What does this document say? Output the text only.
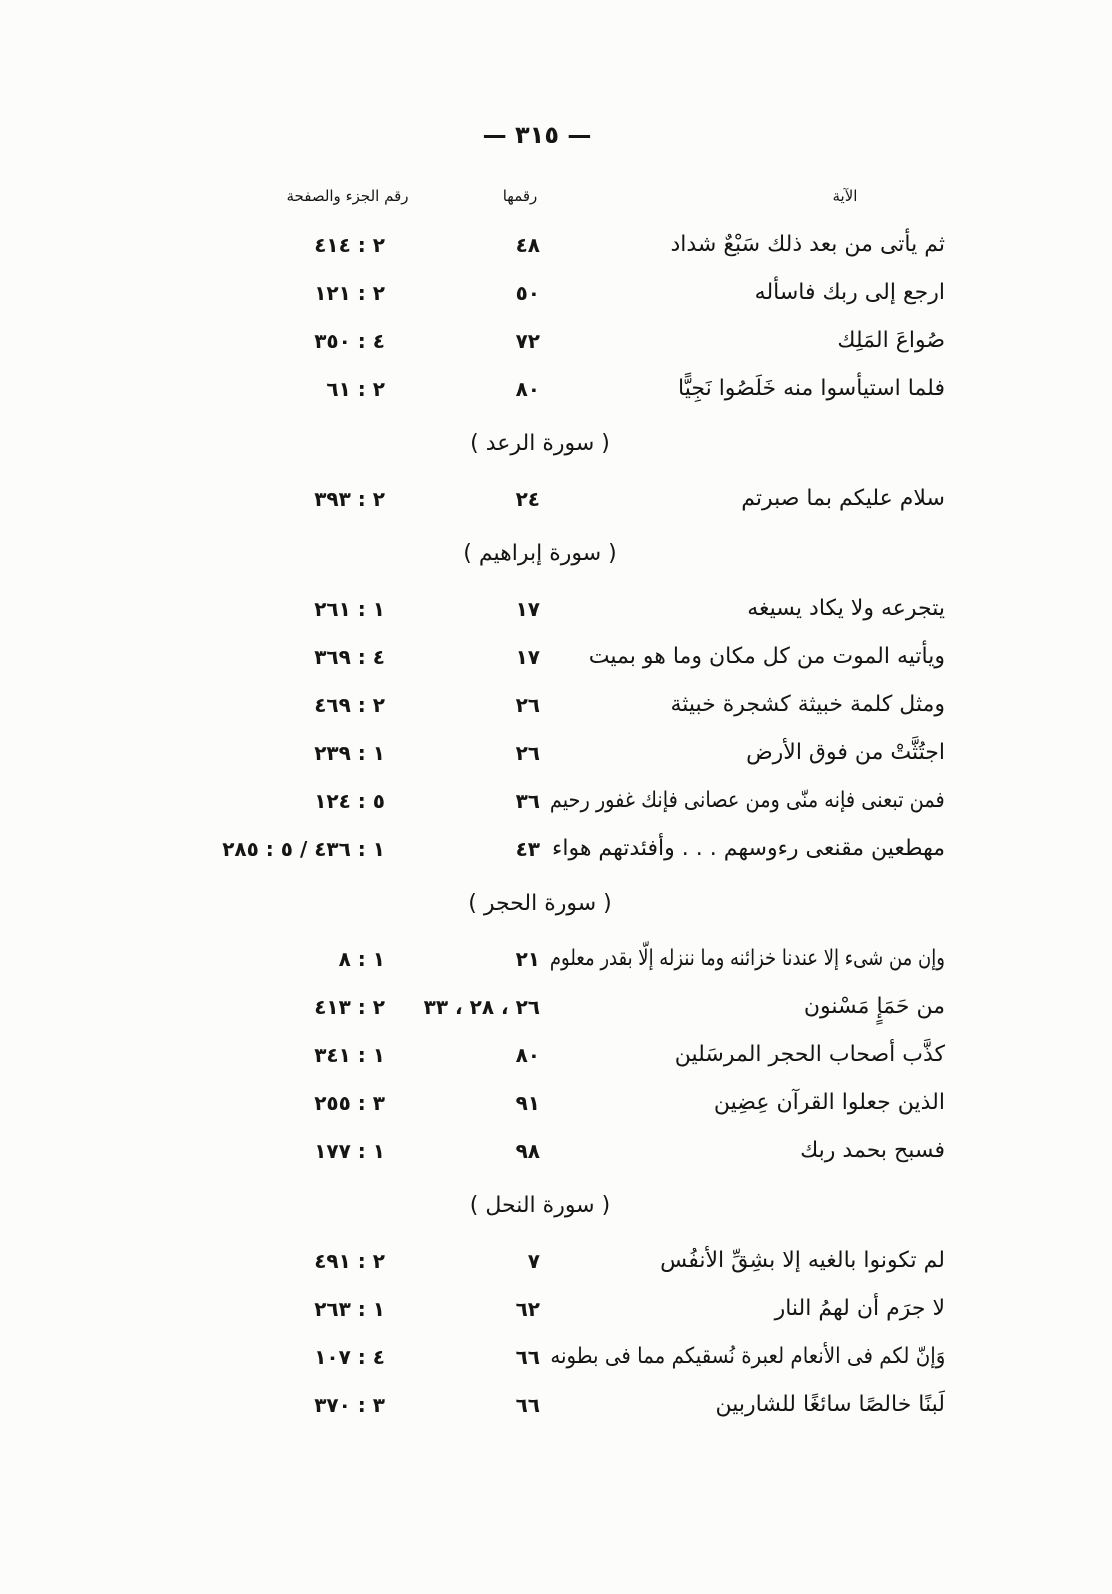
— ٣١٥ —
الآية
رقمها
رقم الجزء والصفحة
ثم يأتى من بعد ذلك سَبْعٌ شداد
٤٨
٢ : ٤١٤
ارجع إلى ربك فاسأله
٥٠
٢ : ١٢١
صُواعَ المَلِك
٧٢
٤ : ٣٥٠
فلما استيأسوا منه خَلَصُوا نَجِيًّا
٨٠
٢ : ٦١
( سورة الرعد )
سلام عليكم بما صبرتم
٢٤
٢ : ٣٩٣
( سورة إبراهيم )
يتجرعه ولا يكاد يسيغه
١٧
١ : ٢٦١
ويأتيه الموت من كل مكان وما هو بميت
١٧
٤ : ٣٦٩
ومثل كلمة خبيثة كشجرة خبيثة
٢٦
٢ : ٤٦٩
اجتُثَّتْ من فوق الأرض
٢٦
١ : ٢٣٩
فمن تبعنى فإنه منّى ومن عصانى فإنك غفور رحيم
٣٦
٥ : ١٢٤
مهطعين مقنعى رءوسهم . . . وأفئدتهم هواء
٤٣
١ : ٤٣٦ / ٥ : ٢٨٥
( سورة الحجر )
وإن من شىء إلا عندنا خزائنه وما ننزله إلّا بقدر معلوم
٢١
١ : ٨
من حَمَإٍ مَسْنون
٢٦ ، ٢٨ ، ٣٣
٢ : ٤١٣
كذَّب أصحاب الحجر المرسَلين
٨٠
١ : ٣٤١
الذين جعلوا القرآن عِضِين
٩١
٣ : ٢٥٥
فسبح بحمد ربك
٩٨
١ : ١٧٧
( سورة النحل )
لم تكونوا بالغيه إلا بشِقِّ الأنفُس
٧
٢ : ٤٩١
لا جرَم أن لهمُ النار
٦٢
١ : ٢٦٣
وَإنّ لكم فى الأنعام لعبرة نُسقيكم مما فى بطونه
٦٦
٤ : ١٠٧
لَبنًا خالصًا سائغًا للشاربين
٦٦
٣ : ٣٧٠
